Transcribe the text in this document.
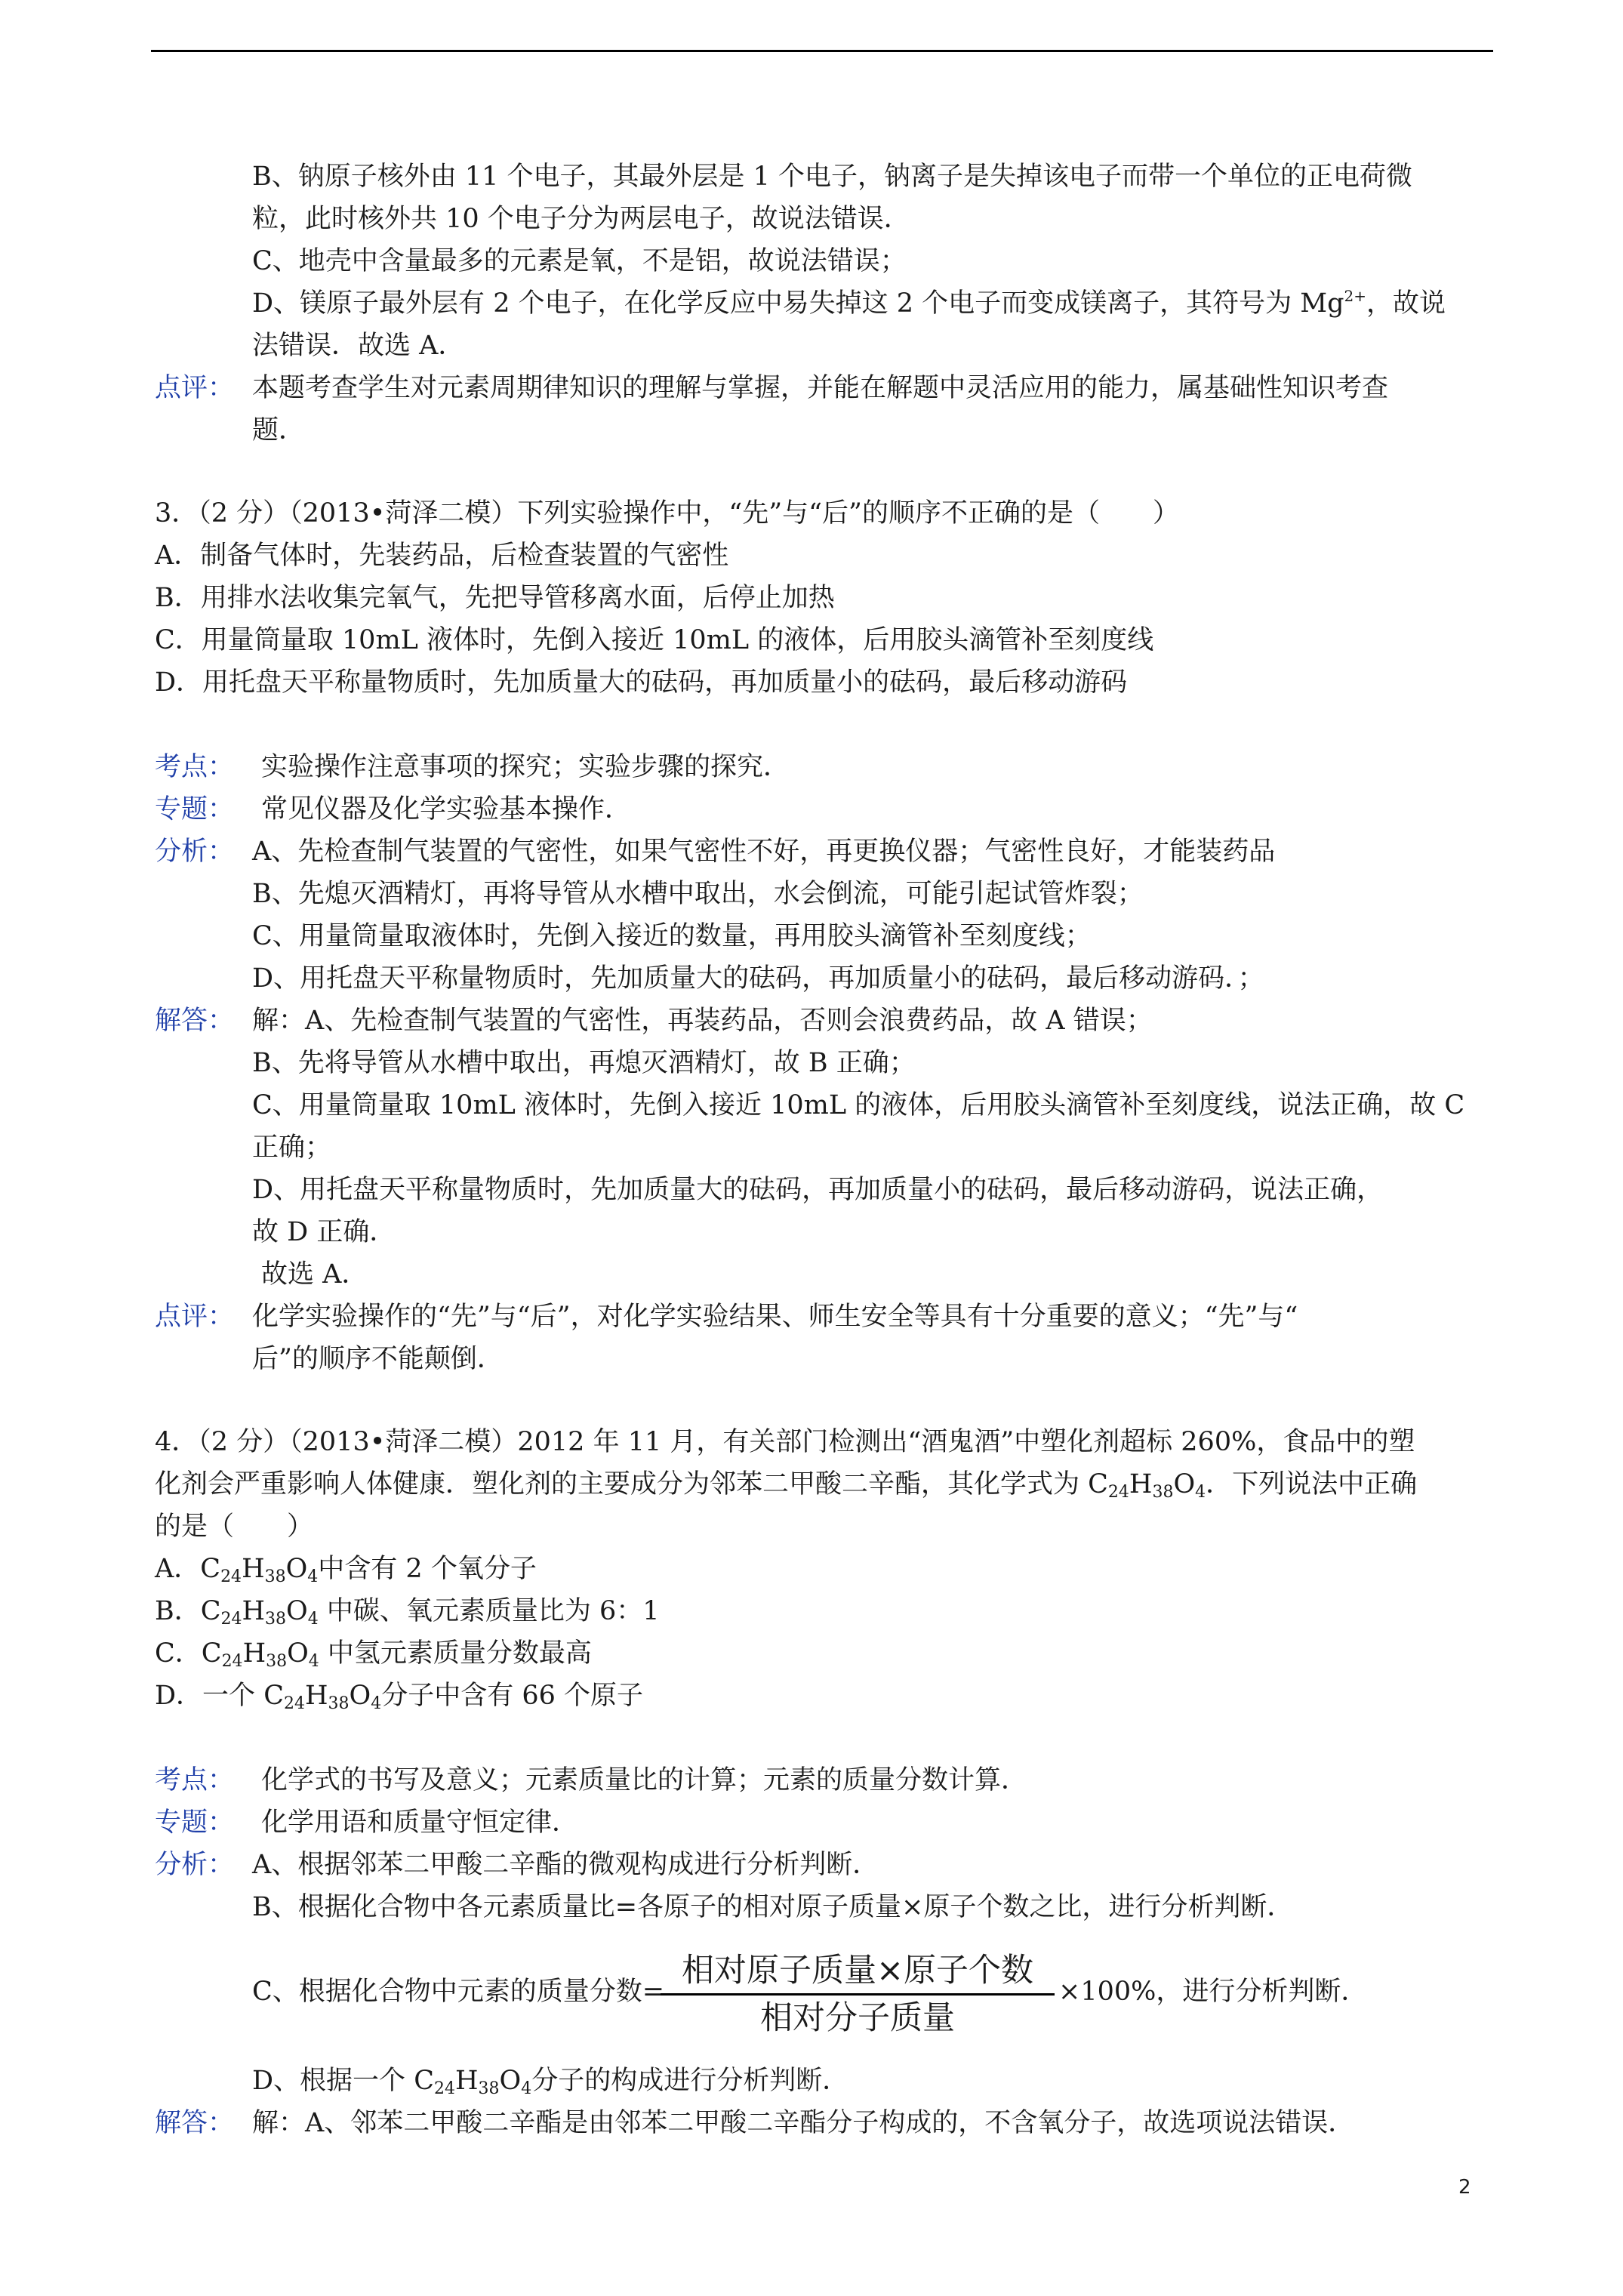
B、钠原子核外由 11 个电子，其最外层是 1 个电子，钠离子是失掉该电子而带一个单位的正电荷微
粒，此时核外共 10 个电子分为两层电子，故说法错误．
C、地壳中含量最多的元素是氧，不是铝，故说法错误；
D、镁原子最外层有 2 个电子，在化学反应中易失掉这 2 个电子而变成镁离子，其符号为 $Mg^{2+}$，故说
法错误．故选 A．
点评： 本题考查学生对元素周期律知识的理解与掌握，并能在解题中灵活应用的能力，属基础性知识考查
题．
3．（2 分）（2013•菏泽二模）下列实验操作中，“先”与“后”的顺序不正确的是（　　）
A．制备气体时，先装药品，后检查装置的气密性
B．用排水法收集完氧气，先把导管移离水面，后停止加热
C．用量筒量取 10mL 液体时，先倒入接近 10mL 的液体，后用胶头滴管补至刻度线
D．用托盘天平称量物质时，先加质量大的砝码，再加质量小的砝码，最后移动游码
考点： 实验操作注意事项的探究；实验步骤的探究．
专题： 常见仪器及化学实验基本操作．
分析： A、先检查制气装置的气密性，如果气密性不好，再更换仪器；气密性良好，才能装药品
B、先熄灭酒精灯，再将导管从水槽中取出，水会倒流，可能引起试管炸裂；
C、用量筒量取液体时，先倒入接近的数量，再用胶头滴管补至刻度线；
D、用托盘天平称量物质时，先加质量大的砝码，再加质量小的砝码，最后移动游码．；
解答： 解：A、先检查制气装置的气密性，再装药品，否则会浪费药品，故 A 错误；
B、先将导管从水槽中取出，再熄灭酒精灯，故 B 正确；
C、用量筒量取 10mL 液体时，先倒入接近 10mL 的液体，后用胶头滴管补至刻度线，说法正确，故 C
正确；
D、用托盘天平称量物质时，先加质量大的砝码，再加质量小的砝码，最后移动游码，说法正确，
故 D 正确．
故选 A．
点评： 化学实验操作的“先”与“后”，对化学实验结果、师生安全等具有十分重要的意义；“先”与“
后”的顺序不能颠倒．
4．（2 分）（2013•菏泽二模）2012 年 11 月，有关部门检测出“酒鬼酒”中塑化剂超标 260%，食品中的塑
化剂会严重影响人体健康．塑化剂的主要成分为邻苯二甲酸二辛酯，其化学式为 $C_{24}H_{38}O_4$．下列说法中正确
的是（　　）
A．$C_{24}H_{38}O_4$中含有 2 个氧分子
B．$C_{24}H_{38}O_4$ 中碳、氧元素质量比为 6：1
C．$C_{24}H_{38}O_4$ 中氢元素质量分数最高
D．一个 $C_{24}H_{38}O_4$分子中含有 66 个原子
考点： 化学式的书写及意义；元素质量比的计算；元素的质量分数计算．
专题： 化学用语和质量守恒定律．
分析： A、根据邻苯二甲酸二辛酯的微观构成进行分析判断．
B、根据化合物中各元素质量比=各原子的相对原子质量×原子个数之比，进行分析判断．
C、根据化合物中元素的质量分数=
相对原子质量×原子个数
相对分子质量
×100%，进行分析判断．
D、根据一个 $C_{24}H_{38}O_4$分子的构成进行分析判断．
解答： 解：A、邻苯二甲酸二辛酯是由邻苯二甲酸二辛酯分子构成的，不含氧分子，故选项说法错误．
2
